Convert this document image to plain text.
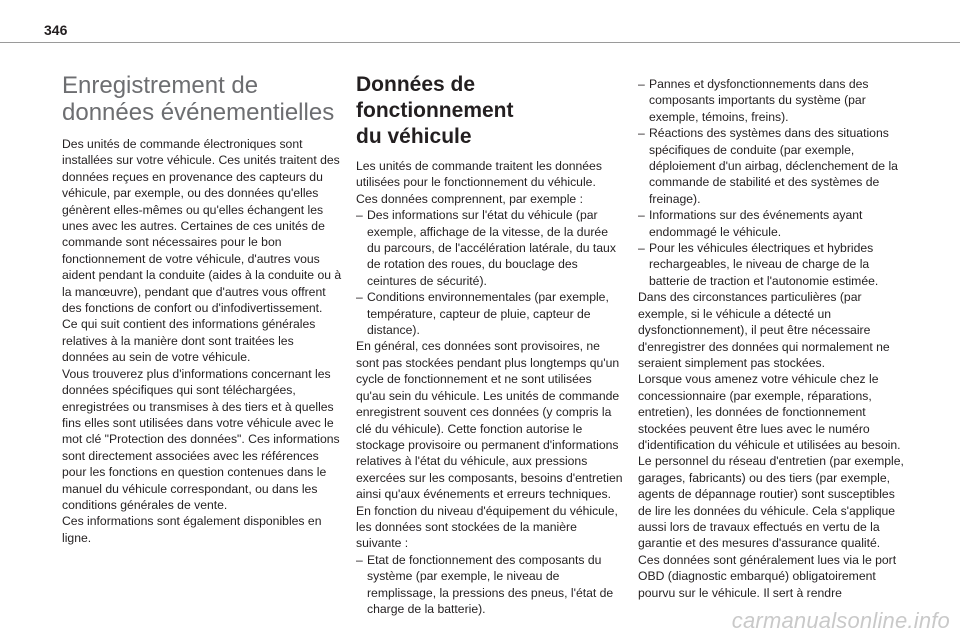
346
Enregistrement de
données événementielles

Des unités de commande électroniques sont installées sur votre véhicule. Ces unités traitent des données reçues en provenance des capteurs du véhicule, par exemple, ou des données qu'elles génèrent elles-mêmes ou qu'elles échangent les unes avec les autres. Certaines de ces unités de commande sont nécessaires pour le bon fonctionnement de votre véhicule, d'autres vous aident pendant la conduite (aides à la conduite ou à la manœuvre), pendant que d'autres vous offrent des fonctions de confort ou d'infodivertissement.

Ce qui suit contient des informations générales relatives à la manière dont sont traitées les données au sein de votre véhicule.

Vous trouverez plus d'informations concernant les données spécifiques qui sont téléchargées, enregistrées ou transmises à des tiers et à quelles fins elles sont utilisées dans votre véhicule avec le mot clé "Protection des données". Ces informations sont directement associées avec les références pour les fonctions en question contenues dans le manuel du véhicule correspondant, ou dans les conditions générales de vente.

Ces informations sont également disponibles en ligne.

Données de fonctionnement
du véhicule

Les unités de commande traitent les données utilisées pour le fonctionnement du véhicule.

Ces données comprennent, par exemple :

– Des informations sur l'état du véhicule (par exemple, affichage de la vitesse, de la durée du parcours, de l'accélération latérale, du taux de rotation des roues, du bouclage des ceintures de sécurité).

– Conditions environnementales (par exemple, température, capteur de pluie, capteur de distance).

En général, ces données sont provisoires, ne sont pas stockées pendant plus longtemps qu'un cycle de fonctionnement et ne sont utilisées qu'au sein du véhicule. Les unités de commande enregistrent souvent ces données (y compris la clé du véhicule). Cette fonction autorise le stockage provisoire ou permanent d'informations relatives à l'état du véhicule, aux pressions exercées sur les composants, besoins d'entretien ainsi qu'aux événements et erreurs techniques.

En fonction du niveau d'équipement du véhicule, les données sont stockées de la manière suivante :

– Etat de fonctionnement des composants du système (par exemple, le niveau de remplissage, la pressions des pneus, l'état de charge de la batterie).

– Pannes et dysfonctionnements dans des composants importants du système (par exemple, témoins, freins).

– Réactions des systèmes dans des situations spécifiques de conduite (par exemple, déploiement d'un airbag, déclenchement de la commande de stabilité et des systèmes de freinage).

– Informations sur des événements ayant endommagé le véhicule.

– Pour les véhicules électriques et hybrides rechargeables, le niveau de charge de la batterie de traction et l'autonomie estimée.

Dans des circonstances particulières (par exemple, si le véhicule a détecté un dysfonctionnement), il peut être nécessaire d'enregistrer des données qui normalement ne seraient simplement pas stockées.

Lorsque vous amenez votre véhicule chez le concessionnaire (par exemple, réparations, entretien), les données de fonctionnement stockées peuvent être lues avec le numéro d'identification du véhicule et utilisées au besoin. Le personnel du réseau d'entretien (par exemple, garages, fabricants) ou des tiers (par exemple, agents de dépannage routier) sont susceptibles de lire les données du véhicule. Cela s'applique aussi lors de travaux effectués en vertu de la garantie et des mesures d'assurance qualité.

Ces données sont généralement lues via le port OBD (diagnostic embarqué) obligatoirement pourvu sur le véhicule. Il sert à rendre

carmanualsonline.info
